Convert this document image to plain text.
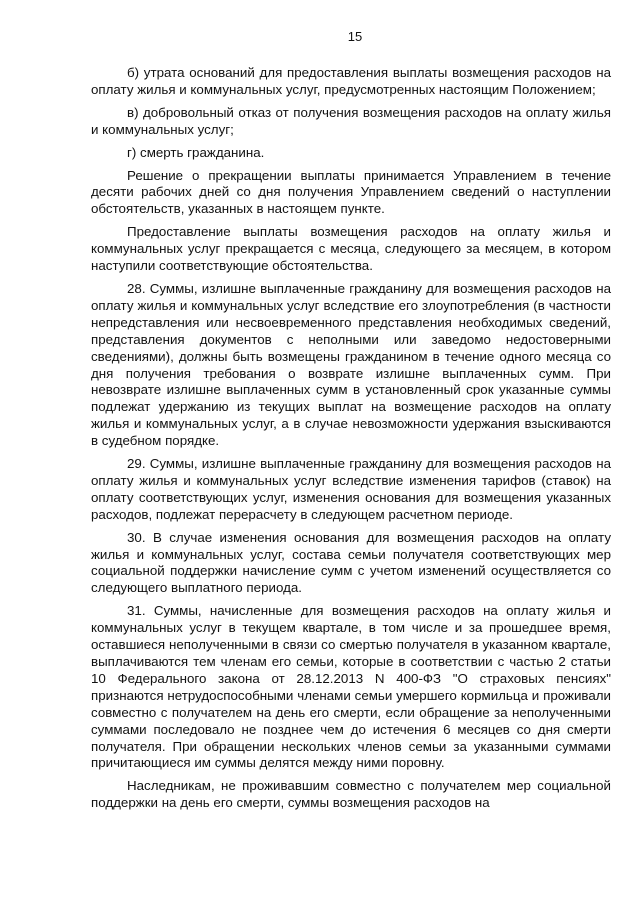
15

б) утрата оснований для предоставления выплаты возмещения расходов на оплату жилья и коммунальных услуг, предусмотренных настоящим Положением;

в) добровольный отказ от получения возмещения расходов на оплату жилья и коммунальных услуг;

г) смерть гражданина.

Решение о прекращении выплаты принимается Управлением в течение десяти рабочих дней со дня получения Управлением сведений о наступлении обстоятельств, указанных в настоящем пункте.

Предоставление выплаты возмещения расходов на оплату жилья и коммунальных услуг прекращается с месяца, следующего за месяцем, в котором наступили соответствующие обстоятельства.

28. Суммы, излишне выплаченные гражданину для возмещения расходов на оплату жилья и коммунальных услуг вследствие его злоупотребления (в частности непредставления или несвоевременного представления необходимых сведений, представления документов с неполными или заведомо недостоверными сведениями), должны быть возмещены гражданином в течение одного месяца со дня получения требования о возврате излишне выплаченных сумм. При невозврате излишне выплаченных сумм в установленный срок указанные суммы подлежат удержанию из текущих выплат на возмещение расходов на оплату жилья и коммунальных услуг, а в случае невозможности удержания взыскиваются в судебном порядке.

29. Суммы, излишне выплаченные гражданину для возмещения расходов на оплату жилья и коммунальных услуг вследствие изменения тарифов (ставок) на оплату соответствующих услуг, изменения основания для возмещения указанных расходов, подлежат перерасчету в следующем расчетном периоде.

30. В случае изменения основания для возмещения расходов на оплату жилья и коммунальных услуг, состава семьи получателя соответствующих мер социальной поддержки начисление сумм с учетом изменений осуществляется со следующего выплатного периода.

31. Суммы, начисленные для возмещения расходов на оплату жилья и коммунальных услуг в текущем квартале, в том числе и за прошедшее время, оставшиеся неполученными в связи со смертью получателя в указанном квартале, выплачиваются тем членам его семьи, которые в соответствии с частью 2 статьи 10 Федерального закона от 28.12.2013 N 400-ФЗ "О страховых пенсиях" признаются нетрудоспособными членами семьи умершего кормильца и проживали совместно с получателем на день его смерти, если обращение за неполученными суммами последовало не позднее чем до истечения 6 месяцев со дня смерти получателя. При обращении нескольких членов семьи за указанными суммами причитающиеся им суммы делятся между ними поровну.

Наследникам, не проживавшим совместно с получателем мер социальной поддержки на день его смерти, суммы возмещения расходов на
